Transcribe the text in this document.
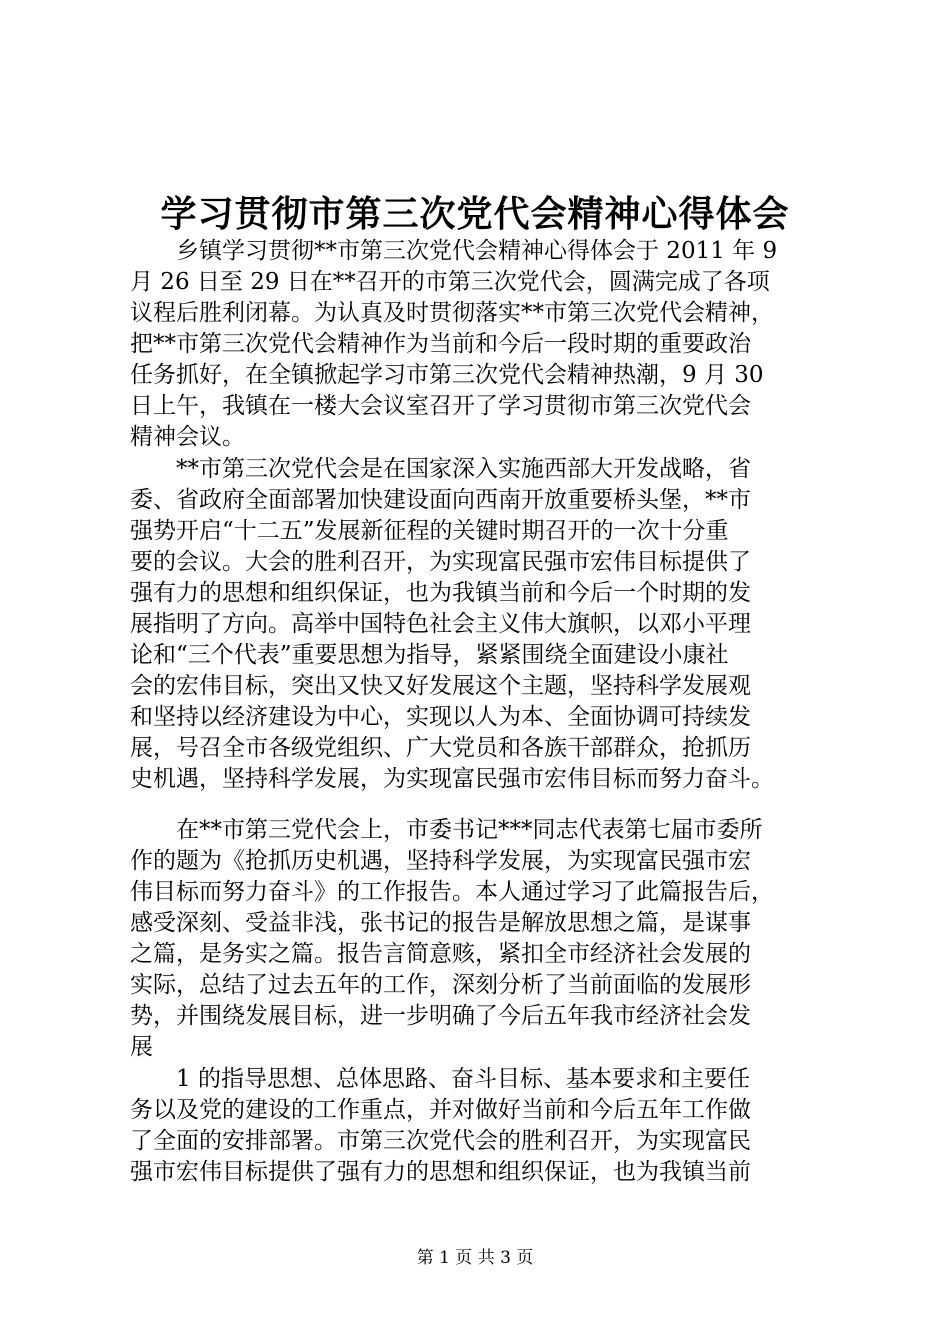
学习贯彻市第三次党代会精神心得体会
　　乡镇学习贯彻**市第三次党代会精神心得体会于 2011 年 9
月 26 日至 29 日在**召开的市第三次党代会，圆满完成了各项
议程后胜利闭幕。为认真及时贯彻落实**市第三次党代会精神，
把**市第三次党代会精神作为当前和今后一段时期的重要政治
任务抓好，在全镇掀起学习市第三次党代会精神热潮，9 月 30
日上午，我镇在一楼大会议室召开了学习贯彻市第三次党代会
精神会议。
　　**市第三次党代会是在国家深入实施西部大开发战略，省
委、省政府全面部署加快建设面向西南开放重要桥头堡，**市
强势开启“十二五”发展新征程的关键时期召开的一次十分重
要的会议。大会的胜利召开，为实现富民强市宏伟目标提供了
强有力的思想和组织保证，也为我镇当前和今后一个时期的发
展指明了方向。高举中国特色社会主义伟大旗帜，以邓小平理
论和“三个代表”重要思想为指导，紧紧围绕全面建设小康社
会的宏伟目标，突出又快又好发展这个主题，坚持科学发展观
和坚持以经济建设为中心，实现以人为本、全面协调可持续发
展，号召全市各级党组织、广大党员和各族干部群众，抢抓历
史机遇，坚持科学发展，为实现富民强市宏伟目标而努力奋斗。
　　在**市第三党代会上，市委书记***同志代表第七届市委所
作的题为《抢抓历史机遇，坚持科学发展，为实现富民强市宏
伟目标而努力奋斗》的工作报告。本人通过学习了此篇报告后，
感受深刻、受益非浅，张书记的报告是解放思想之篇，是谋事
之篇，是务实之篇。报告言简意赅，紧扣全市经济社会发展的
实际，总结了过去五年的工作，深刻分析了当前面临的发展形
势，并围绕发展目标，进一步明确了今后五年我市经济社会发
展
　　1 的指导思想、总体思路、奋斗目标、基本要求和主要任
务以及党的建设的工作重点，并对做好当前和今后五年工作做
了全面的安排部署。市第三次党代会的胜利召开，为实现富民
强市宏伟目标提供了强有力的思想和组织保证，也为我镇当前
第 1 页 共 3 页
